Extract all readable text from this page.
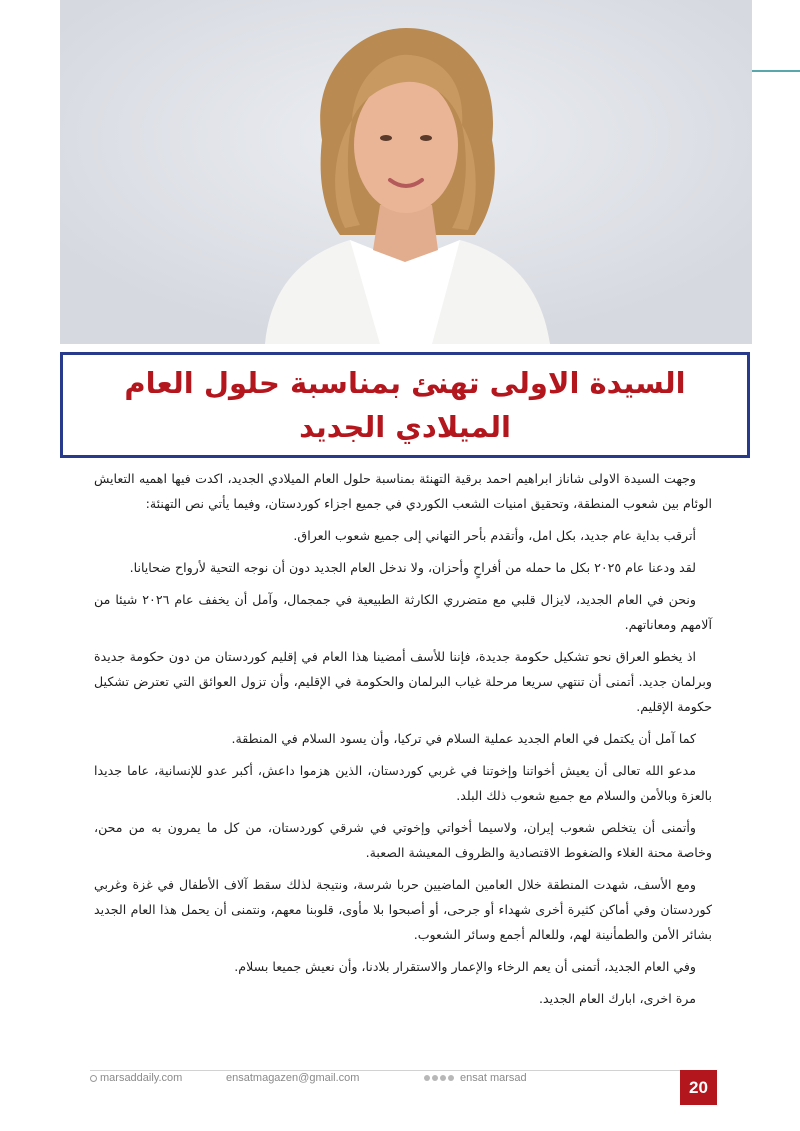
السيدة الاولى تهنئ بمناسبة حلول العام
الميلادي الجديد

وجهت السيدة الاولى شاناز ابراهيم احمد برقية التهنئة بمناسبة حلول العام الميلادي الجديد، اكدت فيها اهميه التعايش الوئام بين شعوب المنطقة، وتحقيق امنيات الشعب الكوردي في جميع اجزاء كوردستان، وفيما يأتي نص التهنئة:

أترقب بداية عام جديد، بكل امل، وأتقدم بأحر التهاني إلى جميع شعوب العراق.

لقد ودعنا عام ٢٠٢٥ بكل ما حمله من أفراحٍ وأحزان، ولا ندخل العام الجديد دون أن نوجه التحية لأرواح ضحايانا.

ونحن في العام الجديد، لايزال قلبي مع متضرري الكارثة الطبيعية في جمجمال، وآمل أن يخفف عام ٢٠٢٦ شيئا من آلامهم ومعاناتهم.

اذ يخطو العراق نحو تشكيل حكومة جديدة، فإننا للأسف أمضينا هذا العام في إقليم كوردستان من دون حكومة جديدة وبرلمان جديد. أتمنى أن تنتهي سريعا مرحلة غياب البرلمان والحكومة في الإقليم، وأن تزول العوائق التي تعترض تشكيل حكومة الإقليم.

كما آمل أن يكتمل في العام الجديد عملية السلام في تركيا، وأن يسود السلام في المنطقة.

مدعو الله تعالى أن يعيش أخواتنا وإخوتنا في غربي كوردستان، الذين هزموا داعش، أكبر عدو للإنسانية، عاما جديدا بالعزة وبالأمن والسلام مع جميع شعوب ذلك البلد.

وأتمنى أن يتخلص شعوب إيران، ولاسيما أخواتي وإخوتي في شرقي كوردستان، من كل ما يمرون به من محن، وخاصة محنة الغلاء والضغوط الاقتصادية والظروف المعيشة الصعبة.

ومع الأسف، شهدت المنطقة خلال العامين الماضيين حربا شرسة، ونتيجة لذلك سقط آلاف الأطفال في غزة وغربي كوردستان وفي أماكن كثيرة أخرى شهداء أو جرحى، أو أصبحوا بلا مأوى، قلوبنا معهم، ونتمنى أن يحمل هذا العام الجديد بشائر الأمن والطمأنينة لهم، وللعالم أجمع وسائر الشعوب.

وفي العام الجديد، أتمنى أن يعم الرخاء والإعمار والاستقرار بلادنا، وأن نعيش جميعا بسلام.

مرة اخرى، ابارك العام الجديد.

marsaddaily.com	ensatmagazen@gmail.com	ensat marsad	20
